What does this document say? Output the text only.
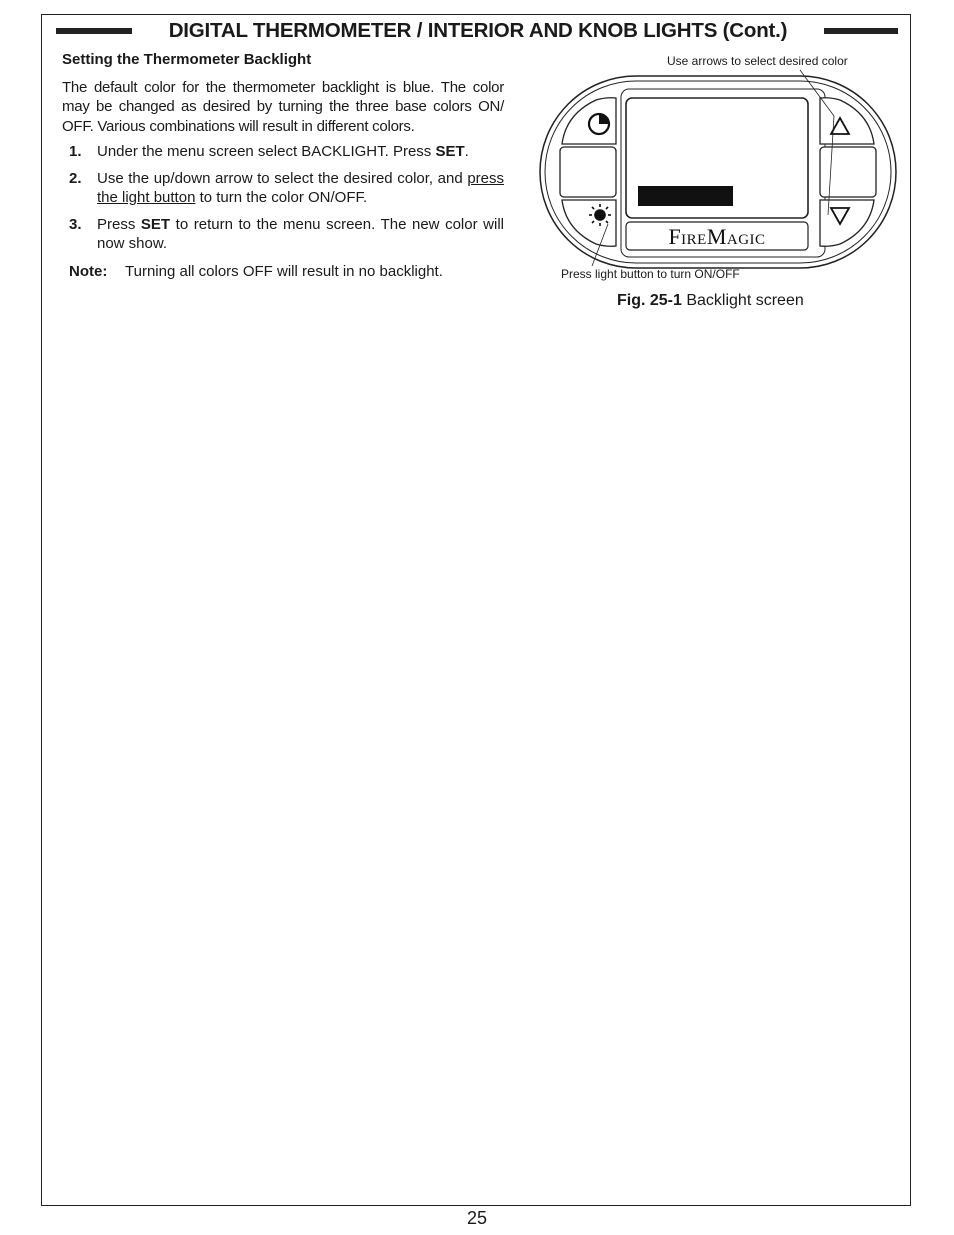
DIGITAL THERMOMETER / INTERIOR AND KNOB LIGHTS (Cont.)
Setting the Thermometer Backlight

The default color for the thermometer backlight is blue. The color may be changed as desired by turning the three base colors ON/ OFF. Various combinations will result in different colors.

1. Under the menu screen select BACKLIGHT. Press SET.
2. Use the up/down arrow to select the desired color, and press the light button to turn the color ON/OFF.
3. Press SET to return to the menu screen. The new color will now show.
Note: Turning all colors OFF will result in no backlight.
Use arrows to select desired color
FireMagic
Press light button to turn ON/OFF
Fig. 25-1 Backlight screen
25
